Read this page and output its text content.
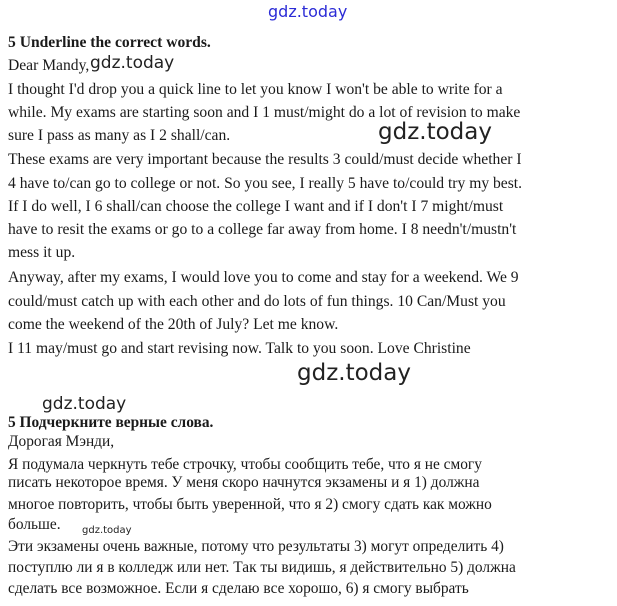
gdz.today
gdz.today
gdz.today
gdz.today
gdz.today
gdz.today
5 Underline the correct words.
Dear Mandy,
I thought I'd drop you a quick line to let you know I won't be able to write for a
while. My exams are starting soon and I 1 must/might do a lot of revision to make
sure I pass as many as I 2 shall/can.
These exams are very important because the results 3 could/must decide whether I
4 have to/can go to college or not. So you see, I really 5 have to/could try my best.
If I do well, I 6 shall/can choose the college I want and if I don't I 7 might/must
have to resit the exams or go to a college far away from home. I 8 needn't/mustn't
mess it up.
Anyway, after my exams, I would love you to come and stay for a weekend. We 9
could/must catch up with each other and do lots of fun things. 10 Can/Must you
come the weekend of the 20th of July? Let me know.
I 11 may/must go and start revising now. Talk to you soon. Love Christine
5 Подчеркните верные слова.
Дорогая Мэнди,
Я подумала черкнуть тебе строчку, чтобы сообщить тебе, что я не смогу
писать некоторое время. У меня скоро начнутся экзамены и я 1) должна
многое повторить, чтобы быть уверенной, что я 2) смогу сдать как можно
больше.
Эти экзамены очень важные, потому что результаты 3) могут определить 4)
поступлю ли я в колледж или нет. Так ты видишь, я действительно 5) должна
сделать все возможное. Если я сделаю все хорошо, 6) я смогу выбрать
